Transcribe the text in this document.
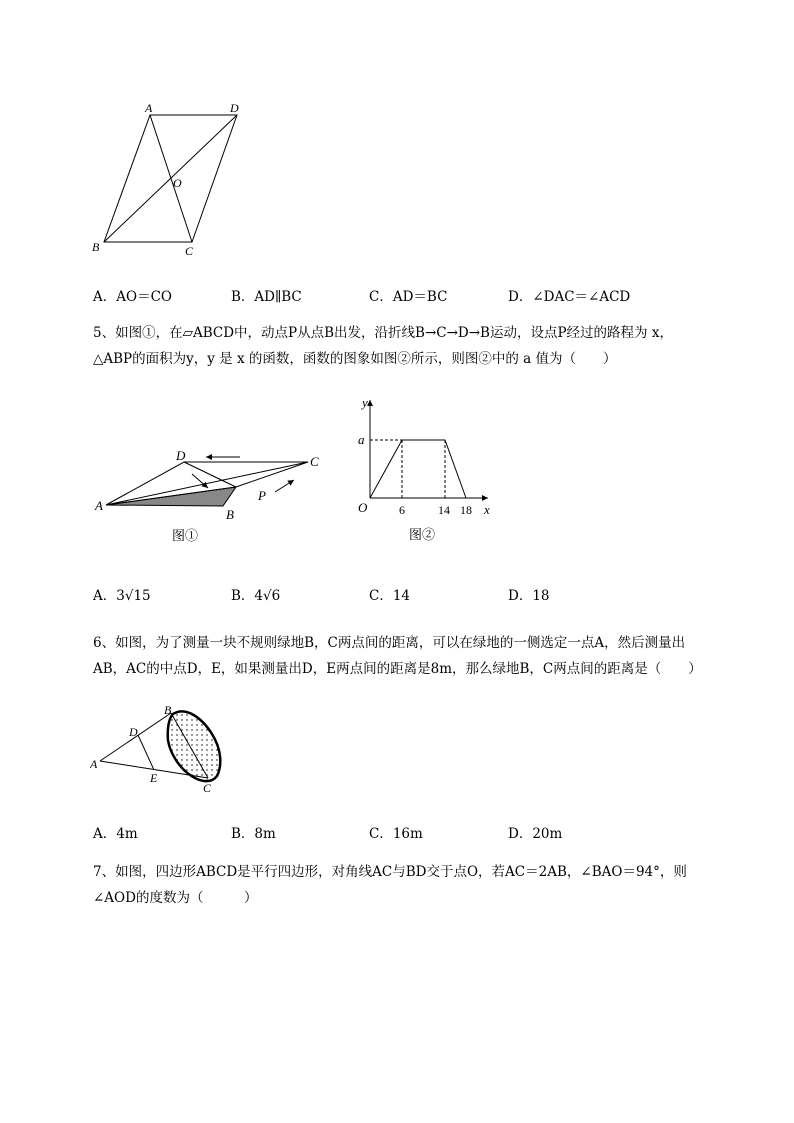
A	D
O
B	C
A．AO＝CO	B．AD∥BC	C．AD＝BC	D．∠DAC＝∠ACD
5、如图①，在▱ABCD中，动点P从点B出发，沿折线B→C→D→B运动，设点P经过的路程为 x，
△ABP的面积为y，y 是 x 的函数，函数的图象如图②所示，则图②中的 a 值为（　　）
A
D	C
B
P
图①
y
a
O	6	14 18 x
图②
A．3√15	B．4√6	C．14	D．18
6、如图，为了测量一块不规则绿地B，C两点间的距离，可以在绿地的一侧选定一点A，然后测量出
AB，AC的中点D，E，如果测量出D，E两点间的距离是8m，那么绿地B，C两点间的距离是（　　）
A
B
D
E
C
A．4m	B．8m	C．16m	D．20m
7、如图，四边形ABCD是平行四边形，对角线AC与BD交于点O，若AC＝2AB，∠BAO＝94°，则
∠AOD的度数为（　　　）
